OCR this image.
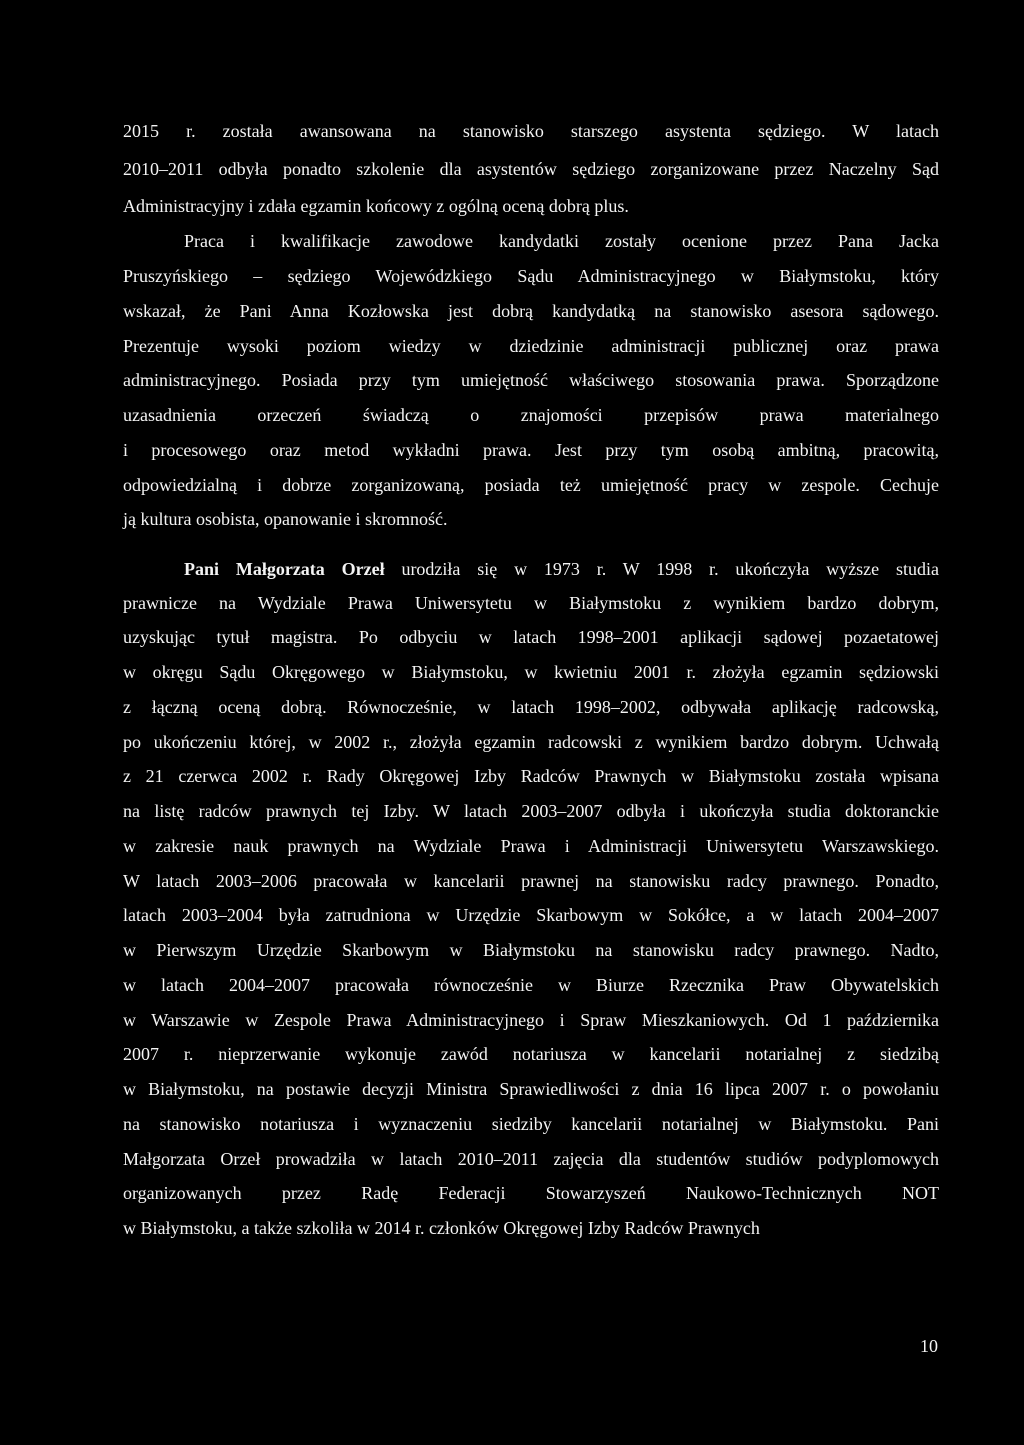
2015 r. została awansowana na stanowisko starszego asystenta sędziego. W latach
2010–2011 odbyła ponadto szkolenie dla asystentów sędziego zorganizowane przez Naczelny Sąd
Administracyjny i zdała egzamin końcowy z ogólną oceną dobrą plus.
Praca i kwalifikacje zawodowe kandydatki zostały ocenione przez Pana Jacka
Pruszyńskiego – sędziego Wojewódzkiego Sądu Administracyjnego w Białymstoku, który
wskazał, że Pani Anna Kozłowska jest dobrą kandydatką na stanowisko asesora sądowego.
Prezentuje wysoki poziom wiedzy w dziedzinie administracji publicznej oraz prawa
administracyjnego. Posiada przy tym umiejętność właściwego stosowania prawa. Sporządzone
uzasadnienia orzeczeń świadczą o znajomości przepisów prawa materialnego
i procesowego oraz metod wykładni prawa. Jest przy tym osobą ambitną, pracowitą,
odpowiedzialną i dobrze zorganizowaną, posiada też umiejętność pracy w zespole. Cechuje
ją kultura osobista, opanowanie i skromność.
Pani Małgorzata Orzeł urodziła się w 1973 r. W 1998 r. ukończyła wyższe studia
prawnicze na Wydziale Prawa Uniwersytetu w Białymstoku z wynikiem bardzo dobrym,
uzyskując tytuł magistra. Po odbyciu w latach 1998–2001 aplikacji sądowej pozaetatowej
w okręgu Sądu Okręgowego w Białymstoku, w kwietniu 2001 r. złożyła egzamin sędziowski
z łączną oceną dobrą. Równocześnie, w latach 1998–2002, odbywała aplikację radcowską,
po ukończeniu której, w 2002 r., złożyła egzamin radcowski z wynikiem bardzo dobrym. Uchwałą
z 21 czerwca 2002 r. Rady Okręgowej Izby Radców Prawnych w Białymstoku została wpisana
na listę radców prawnych tej Izby. W latach 2003–2007 odbyła i ukończyła studia doktoranckie
w zakresie nauk prawnych na Wydziale Prawa i Administracji Uniwersytetu Warszawskiego.
W latach 2003–2006 pracowała w kancelarii prawnej na stanowisku radcy prawnego. Ponadto,
latach 2003–2004 była zatrudniona w Urzędzie Skarbowym w Sokółce, a w latach 2004–2007
w Pierwszym Urzędzie Skarbowym w Białymstoku na stanowisku radcy prawnego. Nadto,
w latach 2004–2007 pracowała równocześnie w Biurze Rzecznika Praw Obywatelskich
w Warszawie w Zespole Prawa Administracyjnego i Spraw Mieszkaniowych. Od 1 października
2007 r. nieprzerwanie wykonuje zawód notariusza w kancelarii notarialnej z siedzibą
w Białymstoku, na postawie decyzji Ministra Sprawiedliwości z dnia 16 lipca 2007 r. o powołaniu
na stanowisko notariusza i wyznaczeniu siedziby kancelarii notarialnej w Białymstoku. Pani
Małgorzata Orzeł prowadziła w latach 2010–2011 zajęcia dla studentów studiów podyplomowych
organizowanych przez Radę Federacji Stowarzyszeń Naukowo-Technicznych NOT
w Białymstoku, a także szkoliła w 2014 r. członków Okręgowej Izby Radców Prawnych
10
